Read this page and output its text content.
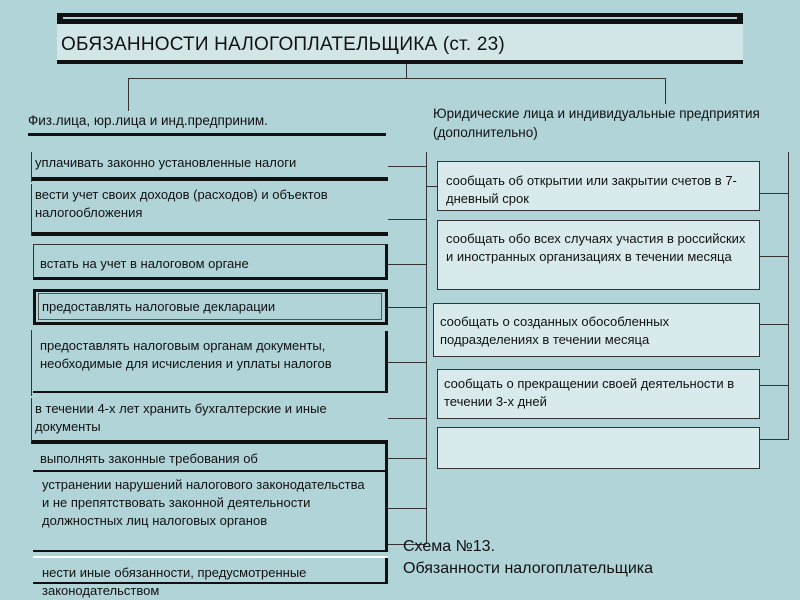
ОБЯЗАННОСТИ НАЛОГОПЛАТЕЛЬЩИКА (ст. 23)
Физ.лица, юр.лица и инд.предприним.	Юридические лица и индивидуальные предприятия (дополнительно)
уплачивать законно установленные налоги
вести учет своих доходов (расходов) и объектов налогообложения
встать на учет в налоговом органе
предоставлять налоговые декларации
предоставлять налоговым органам документы, необходимые для исчисления и уплаты налогов
в течении 4-х лет хранить бухгалтерские и иные документы
выполнять законные требования об
устранении нарушений налогового законодательства и не препятствовать законной деятельности должностных лиц налоговых органов
нести иные обязанности, предусмотренные законодательством
сообщать об открытии или закрытии счетов в 7-дневный срок
сообщать обо всех случаях участия в российских и иностранных организациях в течении месяца
сообщать о созданных обособленных подразделениях в течении месяца
сообщать о прекращении своей деятельности в течении 3-х дней
Схема №13.
Обязанности налогоплательщика
